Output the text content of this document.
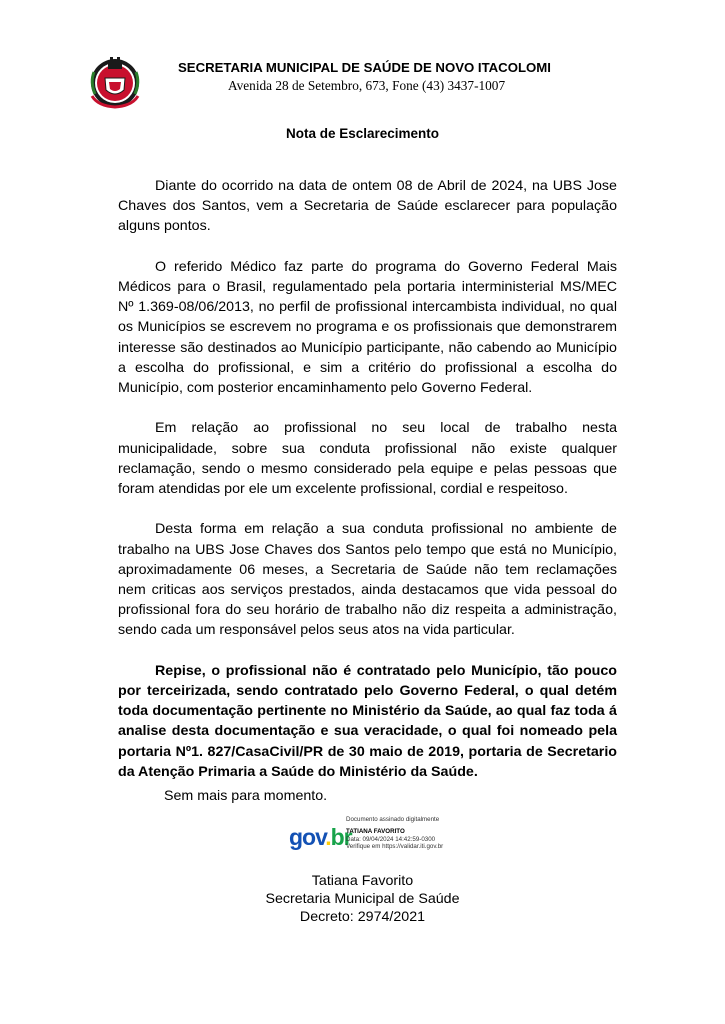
SECRETARIA MUNICIPAL DE SAÚDE DE NOVO ITACOLOMI
Avenida 28 de Setembro, 673, Fone (43) 3437-1007
Nota de Esclarecimento

Diante do ocorrido na data de ontem 08 de Abril de 2024, na UBS Jose Chaves dos Santos, vem a Secretaria de Saúde esclarecer para população alguns pontos.

O referido Médico faz parte do programa do Governo Federal Mais Médicos para o Brasil, regulamentado pela portaria interministerial MS/MEC Nº 1.369-08/06/2013, no perfil de profissional intercambista individual, no qual os Municípios se escrevem no programa e os profissionais que demonstrarem interesse são destinados ao Município participante, não cabendo ao Município a escolha do profissional, e sim a critério do profissional a escolha do Município, com posterior encaminhamento pelo Governo Federal.

Em relação ao profissional no seu local de trabalho nesta municipalidade, sobre sua conduta profissional não existe qualquer reclamação, sendo o mesmo considerado pela equipe e pelas pessoas que foram atendidas por ele um excelente profissional, cordial e respeitoso.

Desta forma em relação a sua conduta profissional no ambiente de trabalho na UBS Jose Chaves dos Santos pelo tempo que está no Município, aproximadamente 06 meses, a Secretaria de Saúde não tem reclamações nem criticas aos serviços prestados, ainda destacamos que vida pessoal do profissional fora do seu horário de trabalho não diz respeita a administração, sendo cada um responsável pelos seus atos na vida particular.

Repise, o profissional não é contratado pelo Município, tão pouco por terceirizada, sendo contratado pelo Governo Federal, o qual detém toda documentação pertinente no Ministério da Saúde, ao qual faz toda á analise desta documentação e sua veracidade, o qual foi nomeado pela portaria Nº1. 827/CasaCivil/PR de 30 maio de 2019, portaria de Secretario da Atenção Primaria a Saúde do Ministério da Saúde.

Sem mais para momento.
gov.br
Documento assinado digitalmente
TATIANA FAVORITO
Data: 09/04/2024 14:42:59-0300
Verifique em https://validar.iti.gov.br
Tatiana Favorito
Secretaria Municipal de Saúde
Decreto: 2974/2021
